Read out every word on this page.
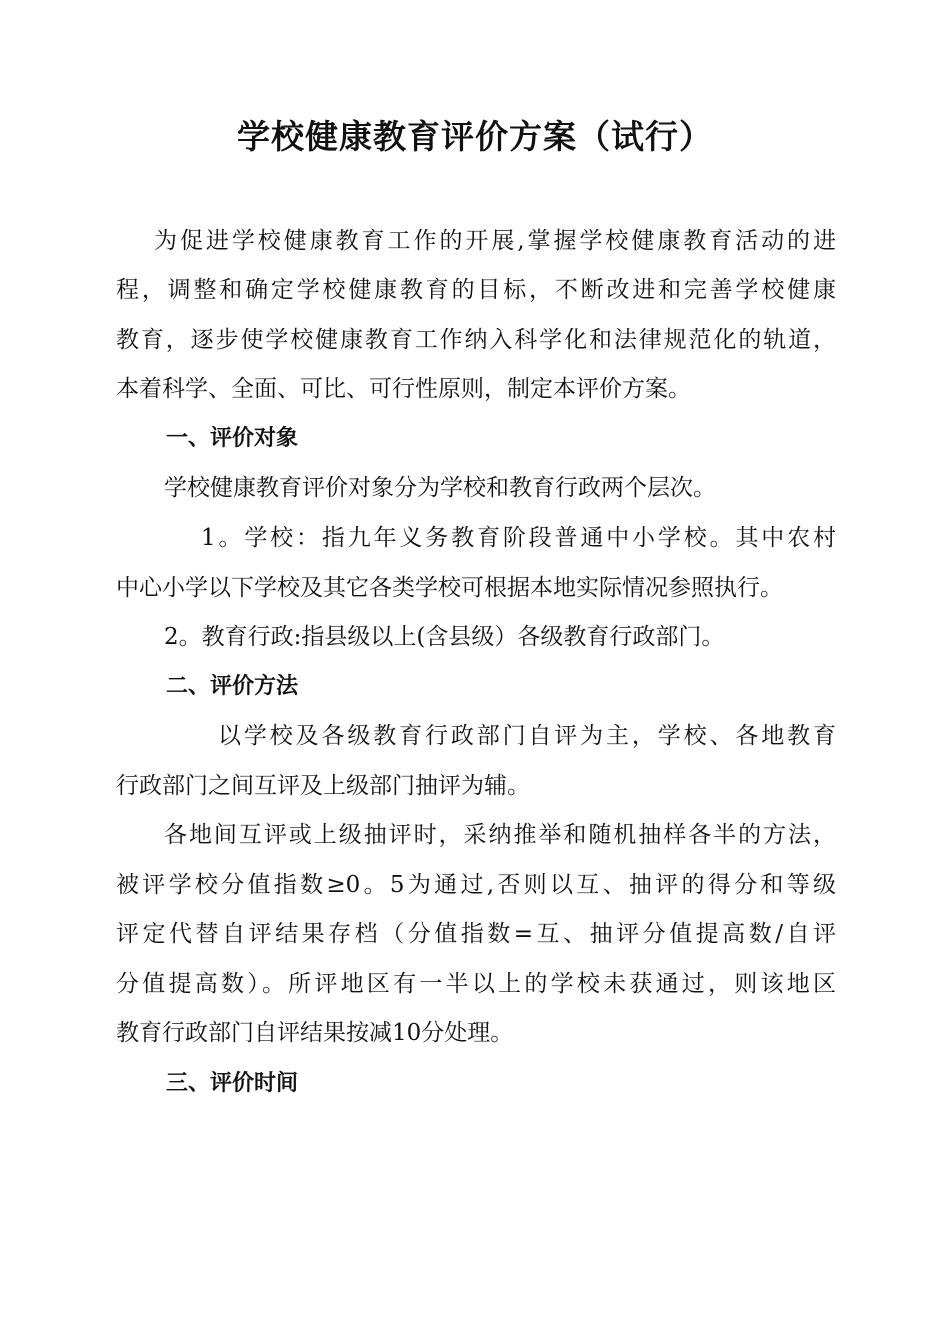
学校健康教育评价方案（试行）
为促进学校健康教育工作的开展,掌握学校健康教育活动的进
程，调整和确定学校健康教育的目标，不断改进和完善学校健康
教育，逐步使学校健康教育工作纳入科学化和法律规范化的轨道，
本着科学、全面、可比、可行性原则，制定本评价方案。
一、评价对象
学校健康教育评价对象分为学校和教育行政两个层次。
1。学校：指九年义务教育阶段普通中小学校。其中农村
中心小学以下学校及其它各类学校可根据本地实际情况参照执行。
2。教育行政:指县级以上(含县级）各级教育行政部门。
二、评价方法
以学校及各级教育行政部门自评为主，学校、各地教育
行政部门之间互评及上级部门抽评为辅。
各地间互评或上级抽评时，采纳推举和随机抽样各半的方法，
被评学校分值指数≥0。5为通过,否则以互、抽评的得分和等级
评定代替自评结果存档（分值指数=互、抽评分值提高数/自评
分值提高数）。所评地区有一半以上的学校未获通过，则该地区
教育行政部门自评结果按减10分处理。
三、评价时间
